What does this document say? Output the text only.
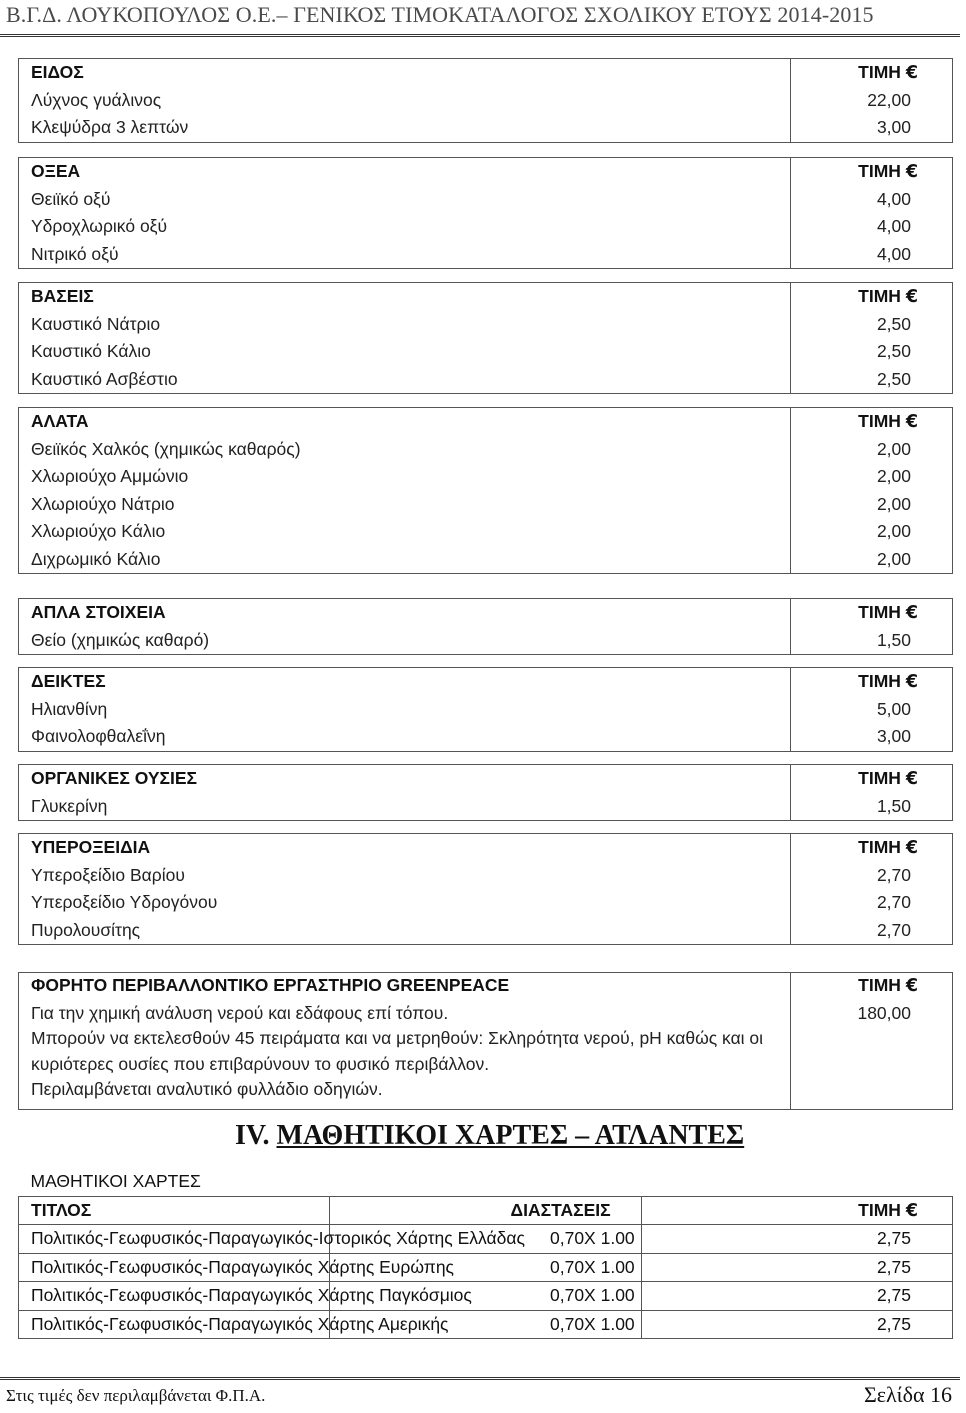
Β.Γ.Δ. ΛΟΥΚΟΠΟΥΛΟΣ Ο.Ε.– ΓΕΝΙΚΟΣ ΤΙΜΟΚΑΤΑΛΟΓΟΣ ΣΧΟΛΙΚΟΥ ΕΤΟΥΣ 2014-2015
ΕΙΔΟΣ	ΤΙΜΗ €
Λύχνος γυάλινος	22,00
Κλεψύδρα 3 λεπτών	3,00
ΟΞΕΑ	ΤΙΜΗ €
Θειϊκό οξύ	4,00
Υδροχλωρικό οξύ	4,00
Νιτρικό οξύ	4,00
ΒΑΣΕΙΣ	ΤΙΜΗ €
Καυστικό Νάτριο	2,50
Καυστικό Κάλιο	2,50
Καυστικό Ασβέστιο	2,50
ΑΛΑΤΑ	ΤΙΜΗ €
Θειϊκός Χαλκός (χημικώς καθαρός)	2,00
Χλωριούχο Αμμώνιο	2,00
Χλωριούχο Νάτριο	2,00
Χλωριούχο Κάλιο	2,00
Διχρωμικό Κάλιο	2,00
ΑΠΛΑ ΣΤΟΙΧΕΙΑ	ΤΙΜΗ €
Θείο (χημικώς καθαρό)	1,50
ΔΕΙΚΤΕΣ	ΤΙΜΗ €
Ηλιανθίνη	5,00
Φαινολοφθαλεΐνη	3,00
ΟΡΓΑΝΙΚΕΣ ΟΥΣΙΕΣ	ΤΙΜΗ €
Γλυκερίνη	1,50
ΥΠΕΡΟΞΕΙΔΙΑ	ΤΙΜΗ €
Υπεροξείδιο Βαρίου	2,70
Υπεροξείδιο Υδρογόνου	2,70
Πυρολουσίτης	2,70
ΦΟΡΗΤΟ ΠΕΡΙΒΑΛΛΟΝΤΙΚΟ ΕΡΓΑΣΤΗΡΙΟ GREENPEACE	ΤΙΜΗ €

Για την χημική ανάλυση νερού και εδάφους επί τόπου.
Μπορούν να εκτελεσθούν 45 πειράματα και να μετρηθούν: Σκληρότητα νερού, pH καθώς και οι κυριότερες ουσίες που επιβαρύνουν το φυσικό περιβάλλον.
Περιλαμβάνεται αναλυτικό φυλλάδιο οδηγιών.	180,00
IV. ΜΑΘΗΤΙΚΟΙ ΧΑΡΤΕΣ – ΑΤΛΑΝΤΕΣ
ΜΑΘΗΤΙΚΟΙ ΧΑΡΤΕΣ		
ΤΙΤΛΟΣ	ΔΙΑΣΤΑΣΕΙΣ	ΤΙΜΗ €
Πολιτικός-Γεωφυσικός-Παραγωγικός-Ιστορικός Χάρτης Ελλάδας	0,70Χ 1.00	2,75
Πολιτικός-Γεωφυσικός-Παραγωγικός Χάρτης Ευρώπης	0,70Χ 1.00	2,75
Πολιτικός-Γεωφυσικός-Παραγωγικός Χάρτης Παγκόσμιος	0,70Χ 1.00	2,75
Πολιτικός-Γεωφυσικός-Παραγωγικός Χάρτης Αμερικής	0,70Χ 1.00	2,75
Στις τιμές δεν περιλαμβάνεται Φ.Π.Α.	Σελίδα 16
